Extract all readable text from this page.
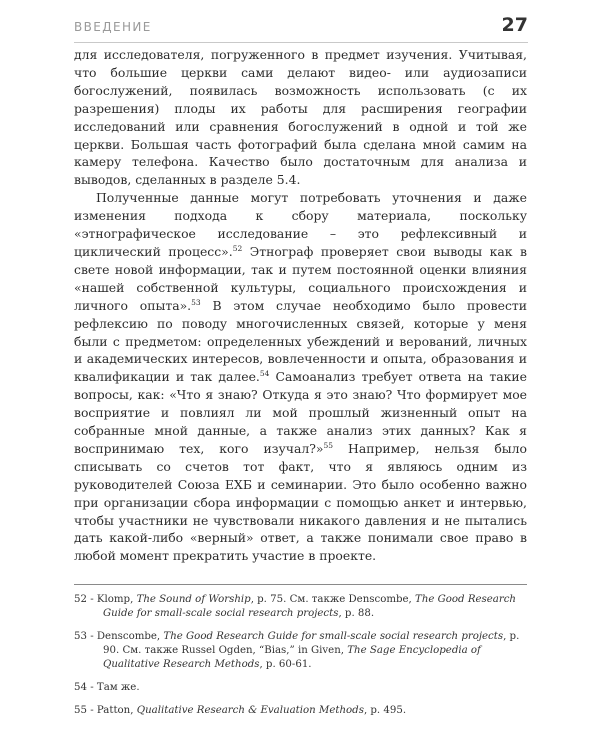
ВВЕДЕНИЕ	27

для исследователя, погруженного в предмет изучения. Учитывая, что большие церкви сами делают видео- или аудиозаписи богослужений, появилась возможность использовать (с их разрешения) плоды их работы для расширения географии исследований или сравнения богослужений в одной и той же церкви. Большая часть фотографий была сделана мной самим на камеру телефона. Качество было достаточным для анализа и выводов, сделанных в разделе 5.4.

Полученные данные могут потребовать уточнения и даже изменения подхода к сбору материала, поскольку «этнографическое исследование – это рефлексивный и циклический процесс».$^{52}$ Этнограф проверяет свои выводы как в свете новой информации, так и путем постоянной оценки влияния «нашей собственной культуры, социального происхождения и личного опыта».$^{53}$ В этом случае необходимо было провести рефлексию по поводу многочисленных связей, которые у меня были с предметом: определенных убеждений и верований, личных и академических интересов, вовлеченности и опыта, образования и квалификации и так далее.$^{54}$ Самоанализ требует ответа на такие вопросы, как: «Что я знаю? Откуда я это знаю? Что формирует мое восприятие и повлиял ли мой прошлый жизненный опыт на собранные мной данные, а также анализ этих данных? Как я воспринимаю тех, кого изучал?»$^{55}$ Например, нельзя было списывать со счетов тот факт, что я являюсь одним из руководителей Союза ЕХБ и семинарии. Это было особенно важно при организации сбора информации с помощью анкет и интервью, чтобы участники не чувствовали никакого давления и не пытались дать какой-либо «верный» ответ, а также понимали свое право в любой момент прекратить участие в проекте.

52 - Klomp, The Sound of Worship, p. 75. См. также Denscombe, The Good Research Guide for small-scale social research projects, p. 88.
53 - Denscombe, The Good Research Guide for small-scale social research projects, p. 90. См. также Russel Ogden, “Bias,” in Given, The Sage Encyclopedia of Qualitative Research Methods, p. 60-61.
54 - Там же.
55 - Patton, Qualitative Research & Evaluation Methods, p. 495.
